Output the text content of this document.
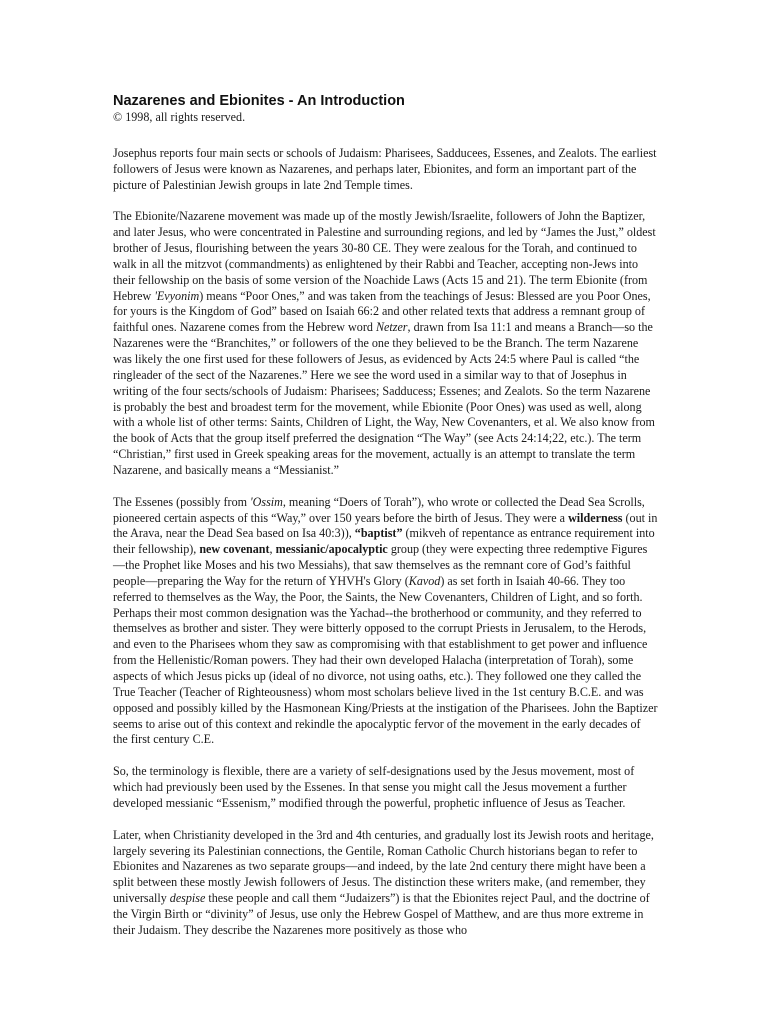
Nazarenes and Ebionites - An Introduction
© 1998, all rights reserved.

Josephus reports four main sects or schools of Judaism: Pharisees, Sadducees, Essenes, and Zealots. The earliest followers of Jesus were known as Nazarenes, and perhaps later, Ebionites, and form an important part of the picture of Palestinian Jewish groups in late 2nd Temple times.

The Ebionite/Nazarene movement was made up of the mostly Jewish/Israelite, followers of John the Baptizer, and later Jesus, who were concentrated in Palestine and surrounding regions, and led by “James the Just,” oldest brother of Jesus, flourishing between the years 30-80 CE. They were zealous for the Torah, and continued to walk in all the mitzvot (commandments) as enlightened by their Rabbi and Teacher, accepting non-Jews into their fellowship on the basis of some version of the Noachide Laws (Acts 15 and 21). The term Ebionite (from Hebrew 'Evyonim) means “Poor Ones,” and was taken from the teachings of Jesus: Blessed are you Poor Ones, for yours is the Kingdom of God” based on Isaiah 66:2 and other related texts that address a remnant group of faithful ones. Nazarene comes from the Hebrew word Netzer, drawn from Isa 11:1 and means a Branch—so the Nazarenes were the “Branchites,” or followers of the one they believed to be the Branch. The term Nazarene was likely the one first used for these followers of Jesus, as evidenced by Acts 24:5 where Paul is called “the ringleader of the sect of the Nazarenes.” Here we see the word used in a similar way to that of Josephus in writing of the four sects/schools of Judaism: Pharisees; Sadducess; Essenes; and Zealots. So the term Nazarene is probably the best and broadest term for the movement, while Ebionite (Poor Ones) was used as well, along with a whole list of other terms: Saints, Children of Light, the Way, New Covenanters, et al. We also know from the book of Acts that the group itself preferred the designation “The Way” (see Acts 24:14;22, etc.). The term “Christian,” first used in Greek speaking areas for the movement, actually is an attempt to translate the term Nazarene, and basically means a “Messianist.”

The Essenes (possibly from 'Ossim, meaning “Doers of Torah”), who wrote or collected the Dead Sea Scrolls, pioneered certain aspects of this “Way,” over 150 years before the birth of Jesus. They were a wilderness (out in the Arava, near the Dead Sea based on Isa 40:3)), “baptist” (mikveh of repentance as entrance requirement into their fellowship), new covenant, messianic/apocalyptic group (they were expecting three redemptive Figures—the Prophet like Moses and his two Messiahs), that saw themselves as the remnant core of God’s faithful people—preparing the Way for the return of YHVH's Glory (Kavod) as set forth in Isaiah 40-66. They too referred to themselves as the Way, the Poor, the Saints, the New Covenanters, Children of Light, and so forth. Perhaps their most common designation was the Yachad--the brotherhood or community, and they referred to themselves as brother and sister. They were bitterly opposed to the corrupt Priests in Jerusalem, to the Herods, and even to the Pharisees whom they saw as compromising with that establishment to get power and influence from the Hellenistic/Roman powers. They had their own developed Halacha (interpretation of Torah), some aspects of which Jesus picks up (ideal of no divorce, not using oaths, etc.). They followed one they called the True Teacher (Teacher of Righteousness) whom most scholars believe lived in the 1st century B.C.E. and was opposed and possibly killed by the Hasmonean King/Priests at the instigation of the Pharisees. John the Baptizer seems to arise out of this context and rekindle the apocalyptic fervor of the movement in the early decades of the first century C.E.

So, the terminology is flexible, there are a variety of self-designations used by the Jesus movement, most of which had previously been used by the Essenes. In that sense you might call the Jesus movement a further developed messianic “Essenism,” modified through the powerful, prophetic influence of Jesus as Teacher.

Later, when Christianity developed in the 3rd and 4th centuries, and gradually lost its Jewish roots and heritage, largely severing its Palestinian connections, the Gentile, Roman Catholic Church historians began to refer to Ebionites and Nazarenes as two separate groups—and indeed, by the late 2nd century there might have been a split between these mostly Jewish followers of Jesus. The distinction these writers make, (and remember, they universally despise these people and call them “Judaizers”) is that the Ebionites reject Paul, and the doctrine of the Virgin Birth or “divinity” of Jesus, use only the Hebrew Gospel of Matthew, and are thus more extreme in their Judaism. They describe the Nazarenes more positively as those who
